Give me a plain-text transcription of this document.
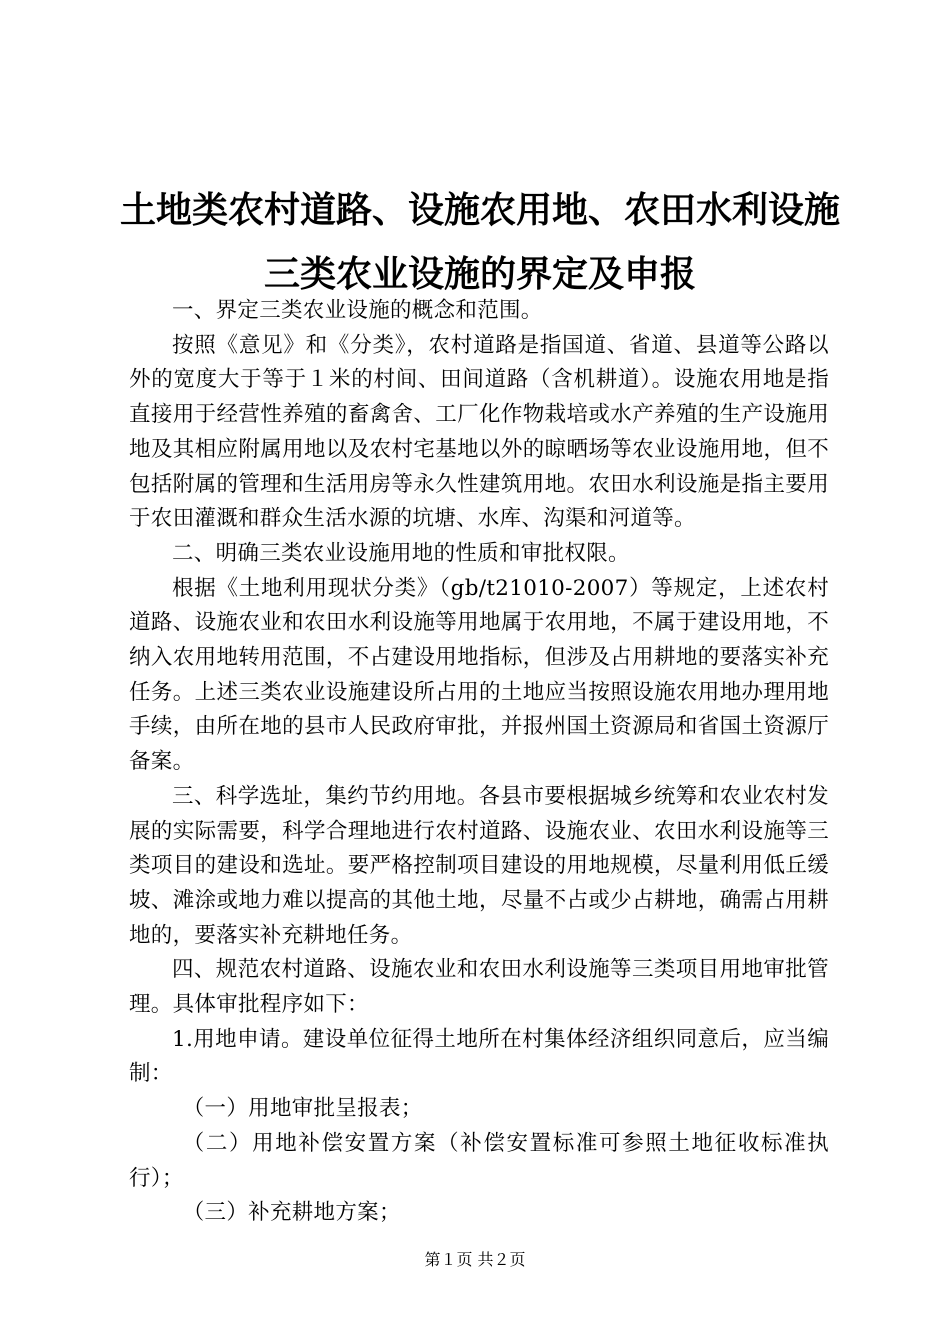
土地类农村道路、设施农用地、农田水利设施
三类农业设施的界定及申报

一、界定三类农业设施的概念和范围。

按照《意见》和《分类》，农村道路是指国道、省道、县道等公路以外的宽度大于等于１米的村间、田间道路（含机耕道）。设施农用地是指直接用于经营性养殖的畜禽舍、工厂化作物栽培或水产养殖的生产设施用地及其相应附属用地以及农村宅基地以外的晾晒场等农业设施用地，但不包括附属的管理和生活用房等永久性建筑用地。农田水利设施是指主要用于农田灌溉和群众生活水源的坑塘、水库、沟渠和河道等。

二、明确三类农业设施用地的性质和审批权限。

根据《土地利用现状分类》（gb/t21010-2007）等规定，上述农村道路、设施农业和农田水利设施等用地属于农用地，不属于建设用地，不纳入农用地转用范围，不占建设用地指标，但涉及占用耕地的要落实补充任务。上述三类农业设施建设所占用的土地应当按照设施农用地办理用地手续，由所在地的县市人民政府审批，并报州国土资源局和省国土资源厅备案。

三、科学选址，集约节约用地。各县市要根据城乡统筹和农业农村发展的实际需要，科学合理地进行农村道路、设施农业、农田水利设施等三类项目的建设和选址。要严格控制项目建设的用地规模，尽量利用低丘缓坡、滩涂或地力难以提高的其他土地，尽量不占或少占耕地，确需占用耕地的，要落实补充耕地任务。

四、规范农村道路、设施农业和农田水利设施等三类项目用地审批管理。具体审批程序如下：

1.用地申请。建设单位征得土地所在村集体经济组织同意后，应当编制：

（一）用地审批呈报表；

（二）用地补偿安置方案（补偿安置标准可参照土地征收标准执行）；

（三）补充耕地方案；

第１页 共２页
